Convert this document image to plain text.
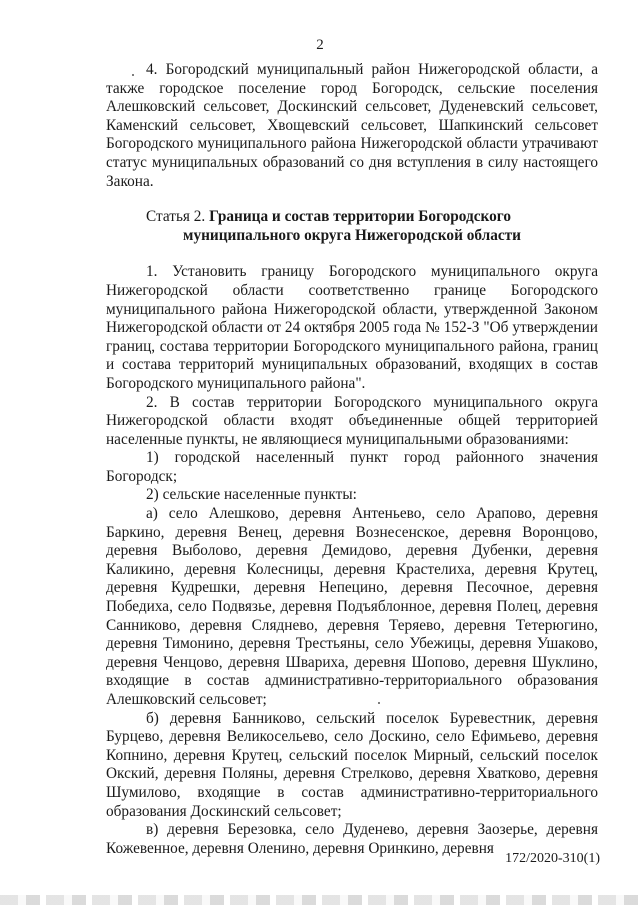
2

4. Богородский муниципальный район Нижегородской области, а также городское поселение город Богородск, сельские поселения Алешковский сельсовет, Доскинский сельсовет, Дуденевский сельсовет, Каменский сельсовет, Хвощевский сельсовет, Шапкинский сельсовет Богородского муниципального района Нижегородской области утрачивают статус муниципальных образований со дня вступления в силу настоящего Закона.

Статья 2. Граница и состав территории Богородского

муниципального округа Нижегородской области

1. Установить границу Богородского муниципального округа Нижегородской области соответственно границе Богородского муниципального района Нижегородской области, утвержденной Законом Нижегородской области от 24 октября 2005 года № 152-З "Об утверждении границ, состава территории Богородского муниципального района, границ и состава территорий муниципальных образований, входящих в состав Богородского муниципального района".

2. В состав территории Богородского муниципального округа Нижегородской области входят объединенные общей территорией населенные пункты, не являющиеся муниципальными образованиями:

1) городской населенный пункт город районного значения Богородск;

2) сельские населенные пункты:

а) село Алешково, деревня Антеньево, село Арапово, деревня Баркино, деревня Венец, деревня Вознесенское, деревня Воронцово, деревня Выболово, деревня Демидово, деревня Дубенки, деревня Каликино, деревня Колесницы, деревня Крастелиха, деревня Крутец, деревня Кудрешки, деревня Непецино, деревня Песочное, деревня Победиха, село Подвязье, деревня Подъяблонное, деревня Полец, деревня Санниково, деревня Сляднево, деревня Теряево, деревня Тетерюгино, деревня Тимонино, деревня Трестьяны, село Убежицы, деревня Ушаково, деревня Ченцово, деревня Швариха, деревня Шопово, деревня Шуклино, входящие в состав административно-территориального образования Алешковский сельсовет;

б) деревня Банниково, сельский поселок Буревестник, деревня Бурцево, деревня Великосельево, село Доскино, село Ефимьево, деревня Копнино, деревня Крутец, сельский поселок Мирный, сельский поселок Окский, деревня Поляны, деревня Стрелково, деревня Хватково, деревня Шумилово, входящие в состав административно-территориального образования Доскинский сельсовет;

в) деревня Березовка, село Дуденево, деревня Заозерье, деревня Кожевенное, деревня Оленино, деревня Оринкино, деревня

172/2020-310(1)
